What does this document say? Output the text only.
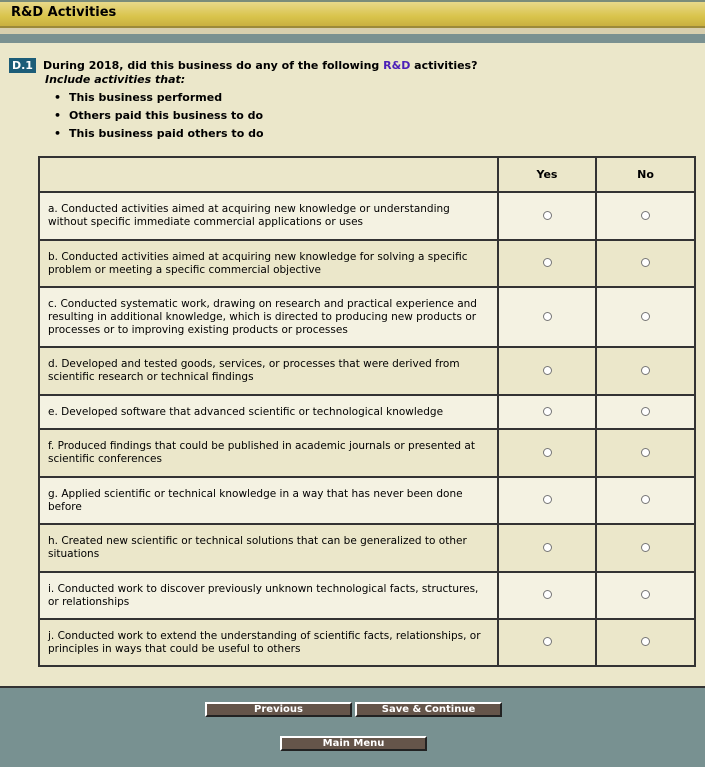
R&D Activities
D.1 During 2018, did this business do any of the following R&D activities?
Include activities that:
• This business performed
• Others paid this business to do
• This business paid others to do
	Yes	No
a. Conducted activities aimed at acquiring new knowledge or understanding without specific immediate commercial applications or uses		
b. Conducted activities aimed at acquiring new knowledge for solving a specific problem or meeting a specific commercial objective		
c. Conducted systematic work, drawing on research and practical experience and resulting in additional knowledge, which is directed to producing new products or processes or to improving existing products or processes		
d. Developed and tested goods, services, or processes that were derived from scientific research or technical findings		
e. Developed software that advanced scientific or technological knowledge		
f. Produced findings that could be published in academic journals or presented at scientific conferences		
g. Applied scientific or technical knowledge in a way that has never been done before		
h. Created new scientific or technical solutions that can be generalized to other situations		
i. Conducted work to discover previously unknown technological facts, structures, or relationships		
j. Conducted work to extend the understanding of scientific facts, relationships, or principles in ways that could be useful to others		
Previous	Save & Continue
Main Menu
